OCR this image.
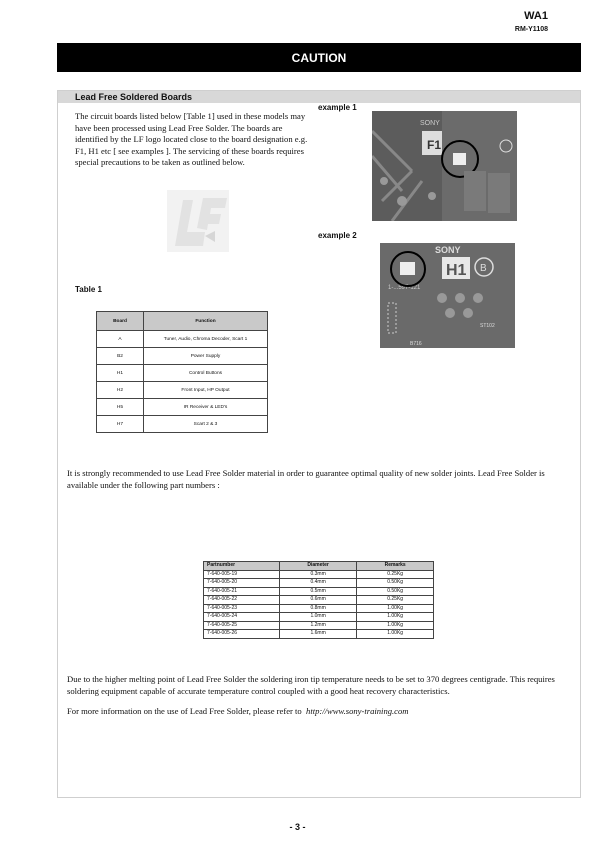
WA1
RM-Y1108
CAUTION
Lead Free Soldered Boards
The circuit boards listed below [Table 1] used in these models may have been processed using Lead Free Solder. The boards are identified by the LF logo located close to the board designation e.g. F1, H1 etc [ see examples ]. The servicing of these boards requires special precautions to be taken as outlined below.
example 1
F1
SONY
example 2
SONY
H1 B
1-...597-121
ST102
B716
Table 1
Board	Function
A	Tuner, Audio, Chroma Decoder, Scart 1
B2	Power Supply
H1	Control Buttons
H2	Front Input, HP Output
H5	IR Receiver & LED's
H7	Scart 2 & 3
It is strongly recommended to use Lead Free Solder material in order to guarantee optimal quality of new solder joints. Lead Free Solder is available under the following part numbers :
Partnumber	Diameter	Remarks
7-640-005-19	0.3mm	0.25Kg
7-640-005-20	0.4mm	0.50Kg
7-640-005-21	0.5mm	0.50Kg
7-640-005-22	0.6mm	0.25Kg
7-640-005-23	0.8mm	1.00Kg
7-640-005-24	1.0mm	1.00Kg
7-640-005-25	1.2mm	1.00Kg
7-640-005-26	1.6mm	1.00Kg
Due to the higher melting point of Lead Free Solder the soldering iron tip temperature needs to be set to 370 degrees centigrade. This requires soldering equipment capable of accurate temperature control coupled with a good heat recovery characteristics.
For more information on the use of Lead Free Solder, please refer to http://www.sony-training.com
- 3 -
